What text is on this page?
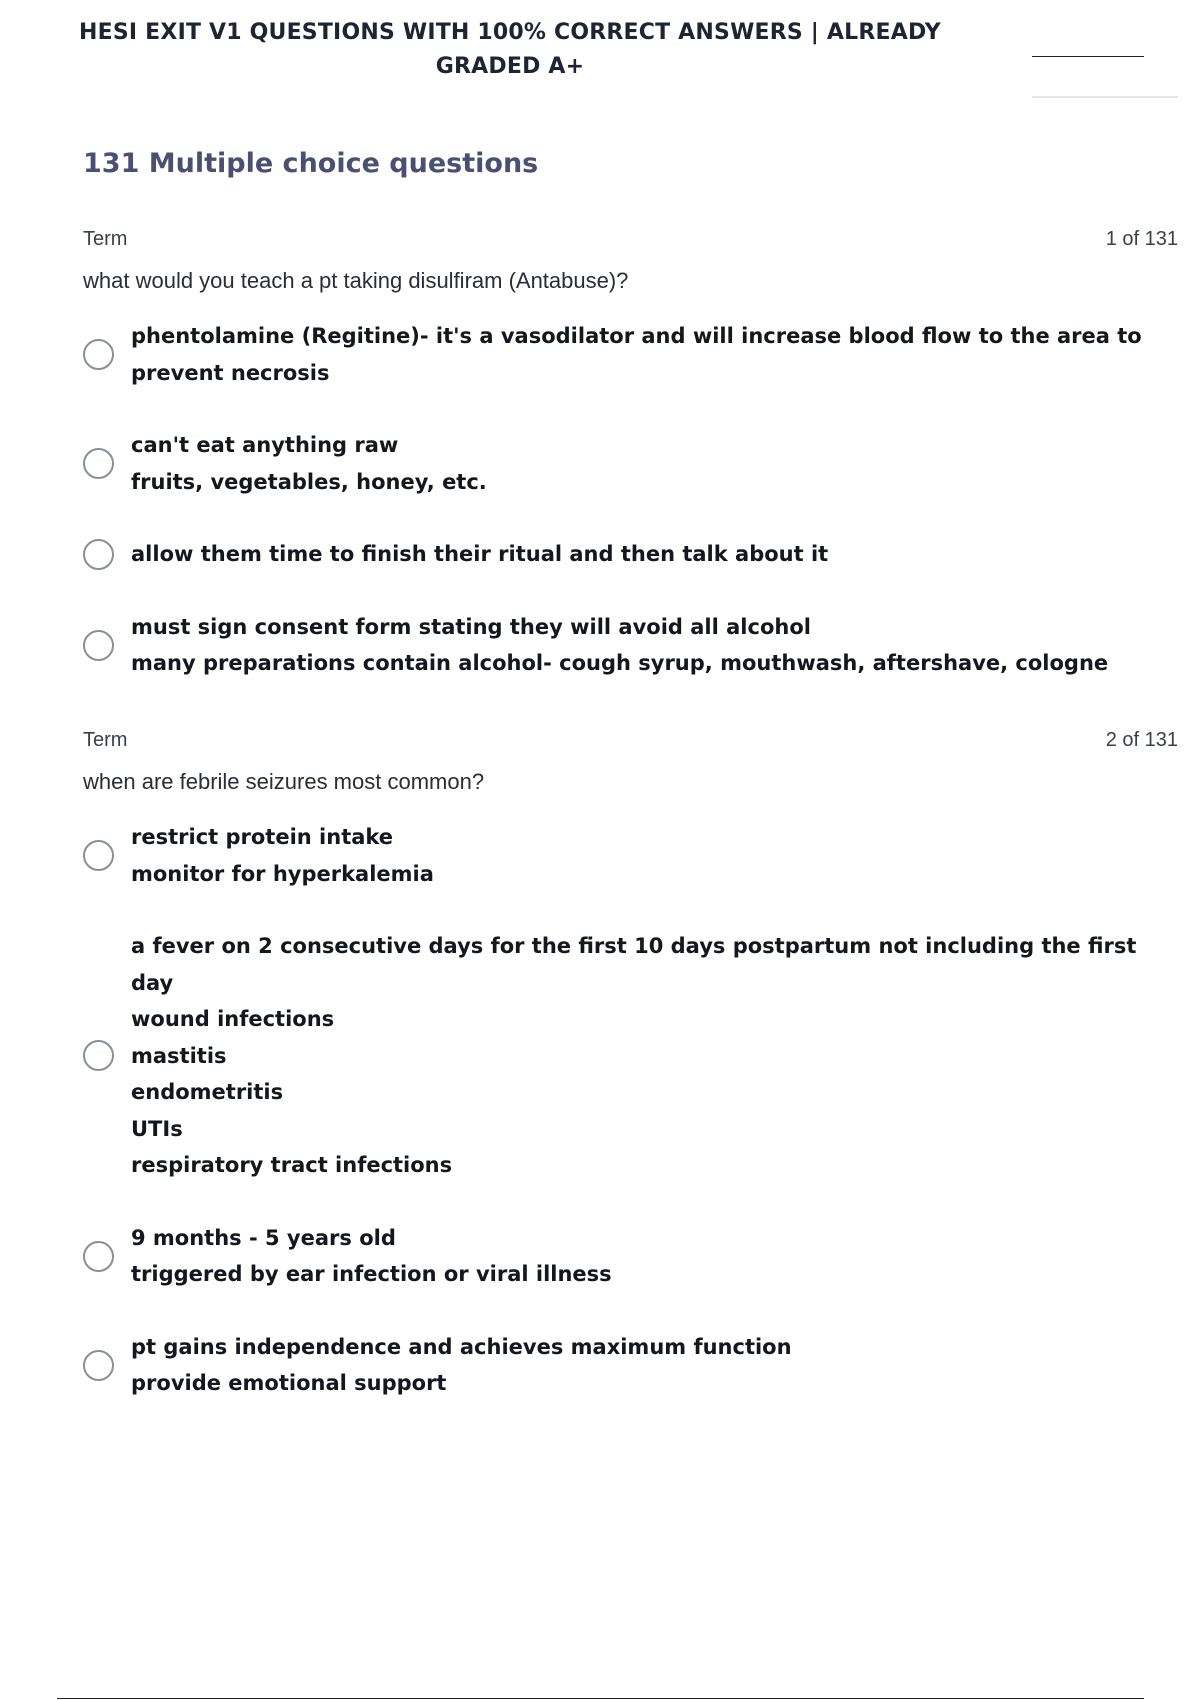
HESI EXIT V1 QUESTIONS WITH 100% CORRECT ANSWERS | ALREADY
GRADED A+
131 Multiple choice questions
Term	1 of 131
what would you teach a pt taking disulfiram (Antabuse)?
phentolamine (Regitine)- it's a vasodilator and will increase blood flow to the area to
prevent necrosis
can't eat anything raw
fruits, vegetables, honey, etc.
allow them time to finish their ritual and then talk about it
must sign consent form stating they will avoid all alcohol
many preparations contain alcohol- cough syrup, mouthwash, aftershave, cologne
Term	2 of 131
when are febrile seizures most common?
restrict protein intake
monitor for hyperkalemia
a fever on 2 consecutive days for the first 10 days postpartum not including the first day
wound infections
mastitis
endometritis
UTIs
respiratory tract infections
9 months - 5 years old
triggered by ear infection or viral illness
pt gains independence and achieves maximum function
provide emotional support
